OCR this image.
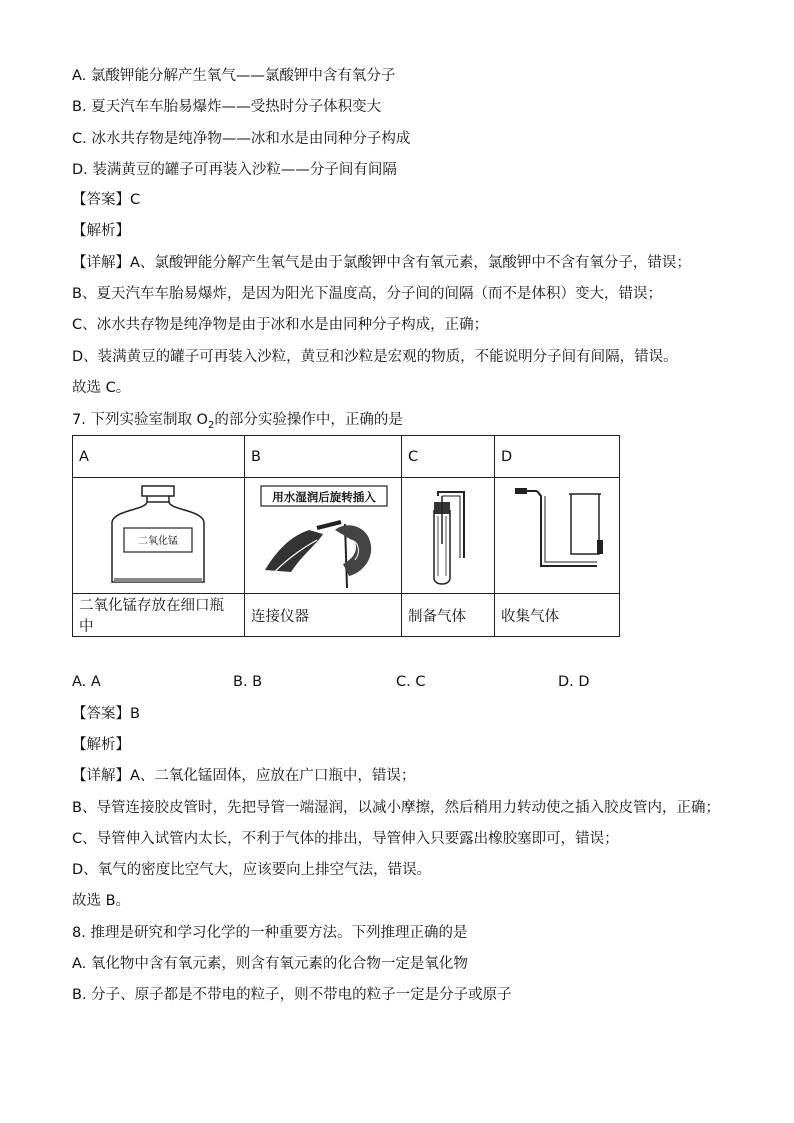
A. 氯酸钾能分解产生氧气——氯酸钾中含有氧分子
B. 夏天汽车车胎易爆炸——受热时分子体积变大
C. 冰水共存物是纯净物——冰和水是由同种分子构成
D. 装满黄豆的罐子可再装入沙粒——分子间有间隔
【答案】C
【解析】
【详解】A、氯酸钾能分解产生氧气是由于氯酸钾中含有氧元素，氯酸钾中不含有氧分子，错误；
B、夏天汽车车胎易爆炸，是因为阳光下温度高，分子间的间隔（而不是体积）变大，错误；
C、冰水共存物是纯净物是由于冰和水是由同种分子构成，正确；
D、装满黄豆的罐子可再装入沙粒，黄豆和沙粒是宏观的物质，不能说明分子间有间隔，错误。
故选 C。
7. 下列实验室制取 $O_2$的部分实验操作中，正确的是
A	B	C	D

二氧化锰	用水湿润后旋转插入

二氧化锰存放在细口瓶中	连接仪器	制备气体	收集气体
A. A	B. B	C. C	D. D
【答案】B
【解析】
【详解】A、二氧化锰固体，应放在广口瓶中，错误；
B、导管连接胶皮管时，先把导管一端湿润，以减小摩擦，然后稍用力转动使之插入胶皮管内，正确；
C、导管伸入试管内太长，不利于气体的排出，导管伸入只要露出橡胶塞即可，错误；
D、氧气的密度比空气大，应该要向上排空气法，错误。
故选 B。
8. 推理是研究和学习化学的一种重要方法。下列推理正确的是
A. 氧化物中含有氧元素，则含有氧元素的化合物一定是氧化物
B. 分子、原子都是不带电的粒子，则不带电的粒子一定是分子或原子
